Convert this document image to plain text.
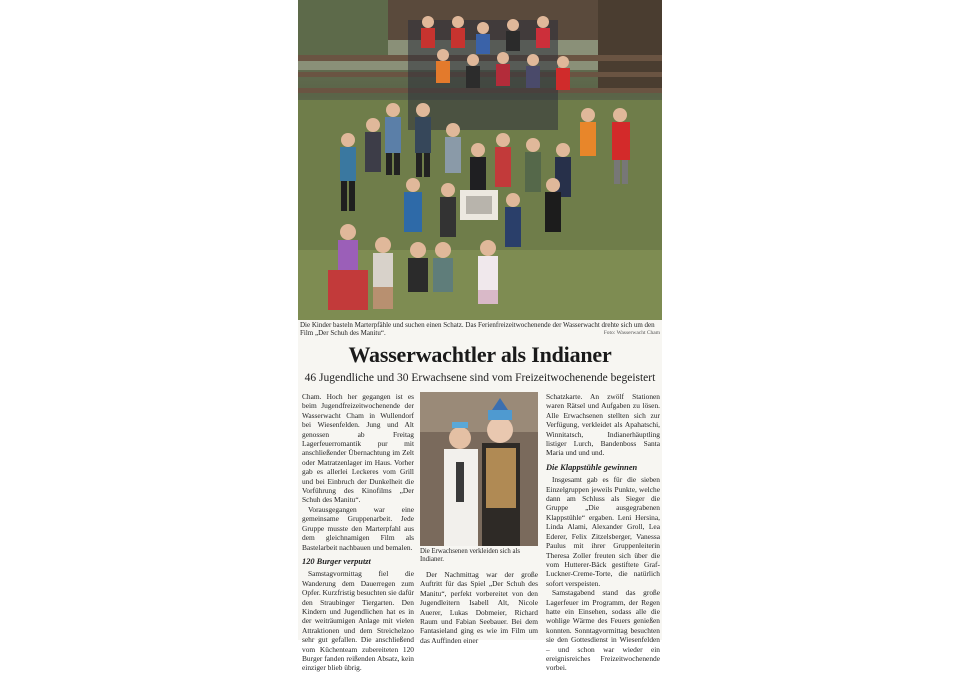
Die Kinder basteln Marterpfähle und suchen einen Schatz. Das Ferienfreizeitwochenende der Wasserwacht drehte sich um den Film „Der Schuh des Manitu“.	Foto: Wasserwacht Cham
Wasserwachtler als Indianer
46 Jugendliche und 30 Erwachsene sind vom Freizeitwochenende begeistert

Cham. Hoch her gegangen ist es beim Jugendfreizeitwochenende der Wasserwacht Cham in Wullendorf bei Wiesenfelden. Jung und Alt genossen ab Freitag Lagerfeuerromantik pur mit anschließender Übernachtung im Zelt oder Matratzenlager im Haus. Vorher gab es allerlei Leckeres vom Grill und bei Einbruch der Dunkelheit die Vorführung des Kinofilms „Der Schuh des Manitu“.

Vorausgegangen war eine gemeinsame Gruppenarbeit. Jede Gruppe musste den Marterpfahl aus dem gleichnamigen Film als Bastelarbeit nachbauen und bemalen.

120 Burger verputzt

Samstagvormittag fiel die Wanderung dem Dauerregen zum Opfer. Kurzfristig besuchten sie dafür den Straubinger Tiergarten. Den Kindern und Jugendlichen hat es in der weiträumigen Anlage mit vielen Attraktionen und dem Streichelzoo sehr gut gefallen. Die anschließend vom Küchenteam zubereiteten 120 Burger fanden reißenden Absatz, kein einziger blieb übrig.

Die Erwachsenen verkleiden sich als Indianer.

Der Nachmittag war der große Auftritt für das Spiel „Der Schuh des Manitu“, perfekt vorbereitet von den Jugendleitern Isabell Alt, Nicole Auerer, Lukas Dobmeier, Richard Raum und Fabian Seebauer. Bei dem Fantasieland ging es wie im Film um das Auffinden einer

Schatzkarte. An zwölf Stationen waren Rätsel und Aufgaben zu lösen. Alle Erwachsenen stellten sich zur Verfügung, verkleidet als Apahatschi, Winnitatsch, Indianerhäuptling listiger Lurch, Bandenboss Santa Maria und und und.

Die Klappstühle gewinnen

Insgesamt gab es für die sieben Einzelgruppen jeweils Punkte, welche dann am Schluss als Sieger die Gruppe „Die ausgegrabenen Klappstühle“ ergaben. Leni Hersina, Linda Alami, Alexander Groll, Lea Ederer, Felix Zitzelsberger, Vanessa Paulus mit ihrer Gruppenleiterin Theresa Zoller freuten sich über die vom Hutterer-Bäck gestiftete Graf-Luckner-Creme-Torte, die natürlich sofort verspeisten.

Samstagabend stand das große Lagerfeuer im Programm, der Regen hatte ein Einsehen, sodass alle die wohlige Wärme des Feuers genießen konnten. Sonntagvormittag besuchten sie den Gottesdienst in Wiesenfelden – und schon war wieder ein ereignisreiches Freizeitwochenende vorbei.
